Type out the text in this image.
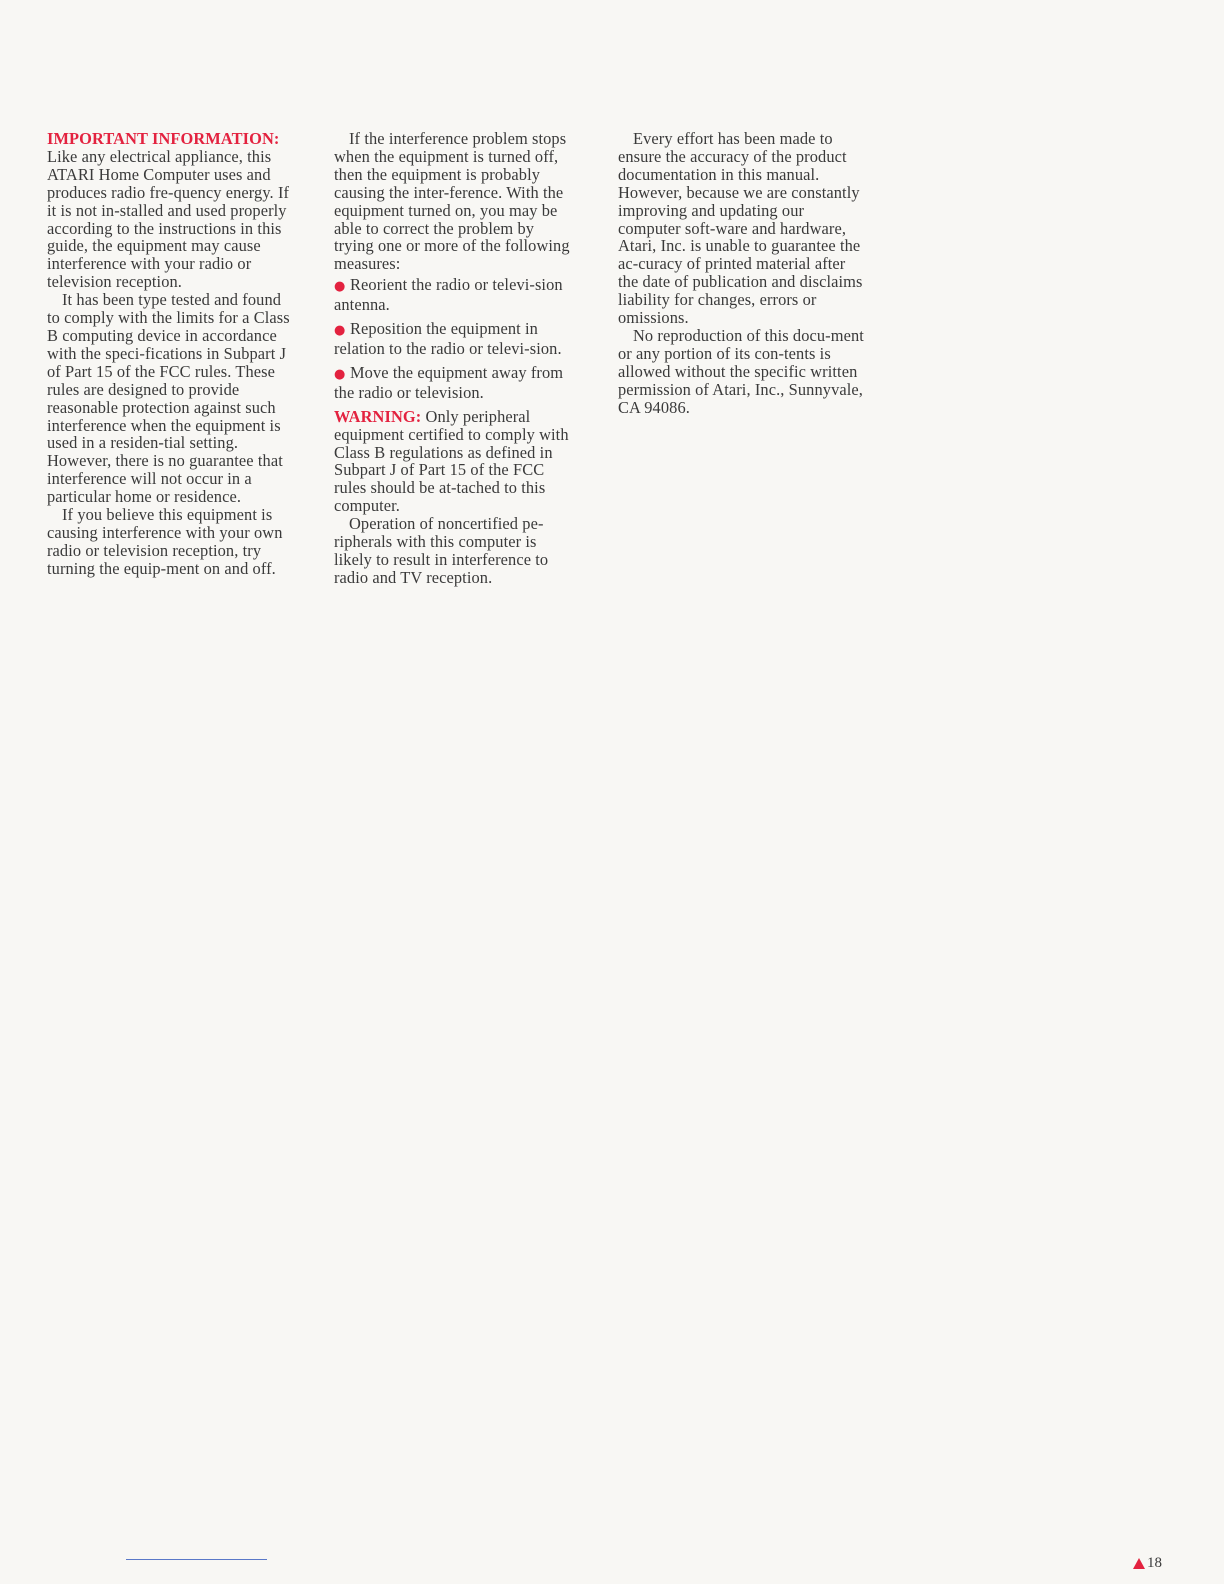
IMPORTANT INFORMATION:

Like any electrical appliance, this ATARI Home Computer uses and produces radio fre-quency energy. If it is not in-stalled and used properly according to the instructions in this guide, the equipment may cause interference with your radio or television reception.

It has been type tested and found to comply with the limits for a Class B computing device in accordance with the speci-fications in Subpart J of Part 15 of the FCC rules. These rules are designed to provide reasonable protection against such interference when the equipment is used in a residen-tial setting. However, there is no guarantee that interference will not occur in a particular home or residence.

If you believe this equipment is causing interference with your own radio or television reception, try turning the equip-ment on and off.

If the interference problem stops when the equipment is turned off, then the equipment is probably causing the inter-ference. With the equipment turned on, you may be able to correct the problem by trying one or more of the following measures:

● Reorient the radio or televi-sion antenna.
● Reposition the equipment in relation to the radio or televi-sion.
● Move the equipment away from the radio or television.

WARNING: Only peripheral equipment certified to comply with Class B regulations as defined in Subpart J of Part 15 of the FCC rules should be at-tached to this computer.

Operation of noncertified pe-ripherals with this computer is likely to result in interference to radio and TV reception.

Every effort has been made to ensure the accuracy of the product documentation in this manual. However, because we are constantly improving and updating our computer soft-ware and hardware, Atari, Inc. is unable to guarantee the ac-curacy of printed material after the date of publication and disclaims liability for changes, errors or omissions.

No reproduction of this docu-ment or any portion of its con-tents is allowed without the specific written permission of Atari, Inc., Sunnyvale, CA 94086.

18
